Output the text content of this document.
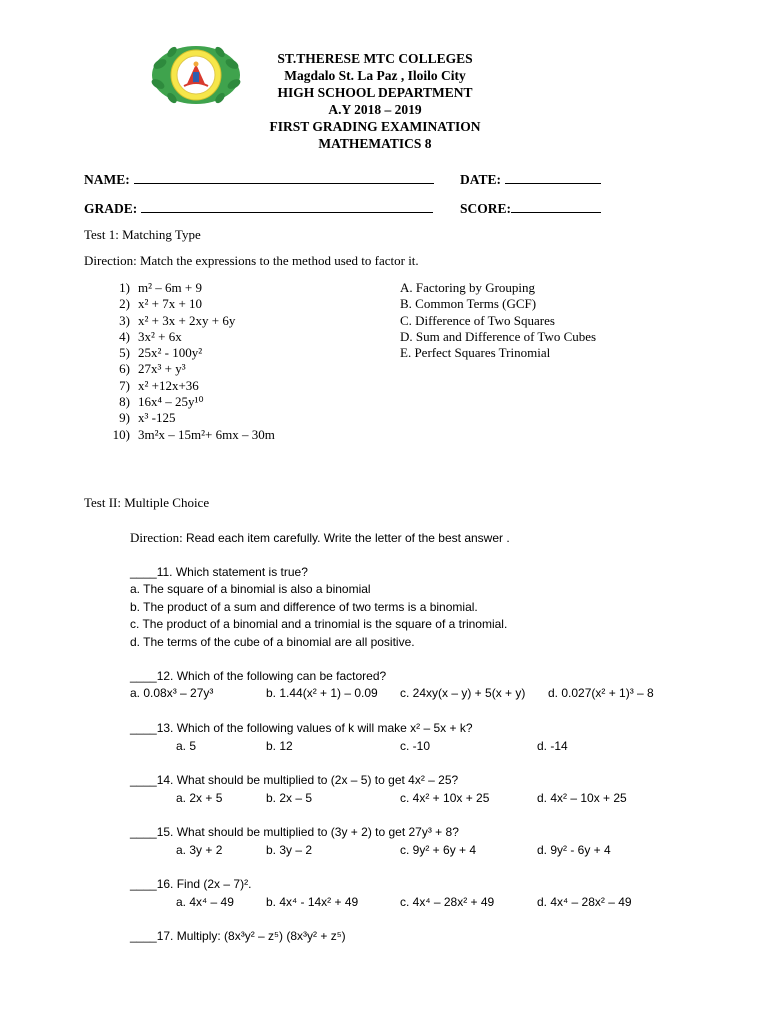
ST.THERESE MTC COLLEGES
Magdalo St. La Paz , Iloilo City
HIGH SCHOOL DEPARTMENT
A.Y 2018 – 2019
FIRST GRADING EXAMINATION
MATHEMATICS 8
NAME:	DATE:
GRADE:	SCORE:
Test 1: Matching Type
Direction: Match the expressions to the method used to factor it.
1) m² – 6m + 9
2) x² + 7x + 10
3) x² + 3x + 2xy + 6y
4) 3x² + 6x
5) 25x² - 100y²
6) 27x³ + y³
7) x² +12x+36
8) 16x⁴ – 25y¹⁰
9) x³ -125
10) 3m²x – 15m²+ 6mx – 30m
A. Factoring by Grouping
B. Common Terms (GCF)
C. Difference of Two Squares
D. Sum and Difference of Two Cubes
E. Perfect Squares Trinomial
Test II: Multiple Choice
Direction: Read each item carefully. Write the letter of the best answer .
____11. Which statement is true?
a. The square of a binomial is also a binomial
b. The product of a sum and difference of two terms is a binomial.
c. The product of a binomial and a trinomial is the square of a trinomial.
d. The terms of the cube of a binomial are all positive.
____12. Which of the following can be factored?
a. 0.08x³ – 27y³	b. 1.44(x² + 1) – 0.09 c. 24xy(x – y) + 5(x + y) d. 0.027(x² + 1)³ – 8
____13. Which of the following values of k will make x² – 5x + k?
a. 5	b. 12	c. -10	d. -14
____14. What should be multiplied to (2x – 5) to get 4x² – 25?
a. 2x + 5	b. 2x – 5	c. 4x² + 10x + 25	d. 4x² – 10x + 25
____15. What should be multiplied to (3y + 2) to get 27y³ + 8?
a. 3y + 2	b. 3y – 2	c. 9y² + 6y + 4	d. 9y² - 6y + 4
____16. Find (2x – 7)².
a. 4x⁴ – 49	b. 4x⁴ - 14x² + 49	c. 4x⁴ – 28x² + 49	d. 4x⁴ – 28x² – 49
____17. Multiply: (8x³y² – z⁵) (8x³y² + z⁵)
